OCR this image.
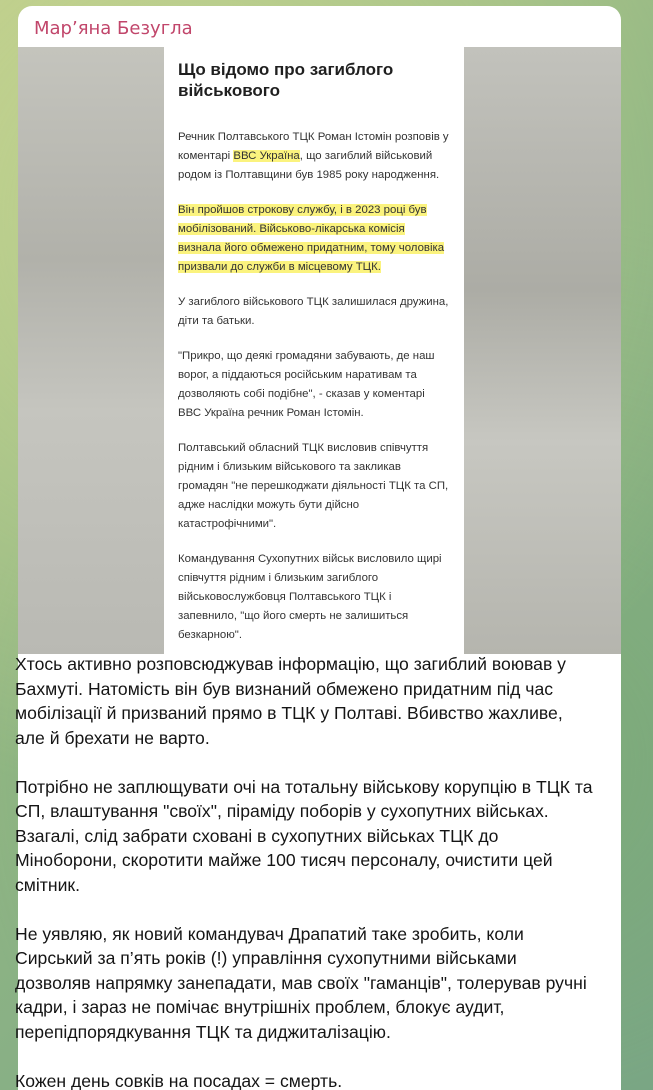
Мар’яна Безугла
Що відомо про загиблого військового

Речник Полтавського ТЦК Роман Істомін розповів у коментарі ВВС Україна, що загиблий військовий родом із Полтавщини був 1985 року народження.

Він пройшов строкову службу, і в 2023 році був мобілізований. Військово-лікарська комісія визнала його обмежено придатним, тому чоловіка призвали до служби в місцевому ТЦК.

У загиблого військового ТЦК залишилася дружина, діти та батьки.

"Прикро, що деякі громадяни забувають, де наш ворог, а піддаються російським наративам та дозволяють собі подібне", - сказав у коментарі ВВС Україна речник Роман Істомін.

Полтавський обласний ТЦК висловив співчуття рідним і близьким військового та закликав громадян "не перешкоджати діяльності ТЦК та СП, адже наслідки можуть бути дійсно катастрофічними".

Командування Сухопутних військ висловило щирі співчуття рідним і близьким загиблого військовослужбовця Полтавського ТЦК і запевнило, "що його смерть не залишиться безкарною".

Хтось активно розповсюджував інформацію, що загиблий воював у Бахмуті. Натомість він був визнаний обмежено придатним під час мобілізації й призваний прямо в ТЦК у Полтаві. Вбивство жахливе, але й брехати не варто.

Потрібно не заплющувати очі на тотальну військову корупцію в ТЦК та СП, влаштування "своїх", піраміду поборів у сухопутних військах. Взагалі, слід забрати сховані в сухопутних військах ТЦК до Міноборони, скоротити майже 100 тисяч персоналу, очистити цей смітник.

Не уявляю, як новий командувач Драпатий таке зробить, коли Сирський за п’ять років (!) управління сухопутними військами дозволяв напрямку занепадати, мав своїх "гаманців", толерував ручні кадри, і зараз не помічає внутрішніх проблем, блокує аудит, перепідпорядкування ТЦК та диджиталізацію.

Кожен день совків на посадах = смерть.
